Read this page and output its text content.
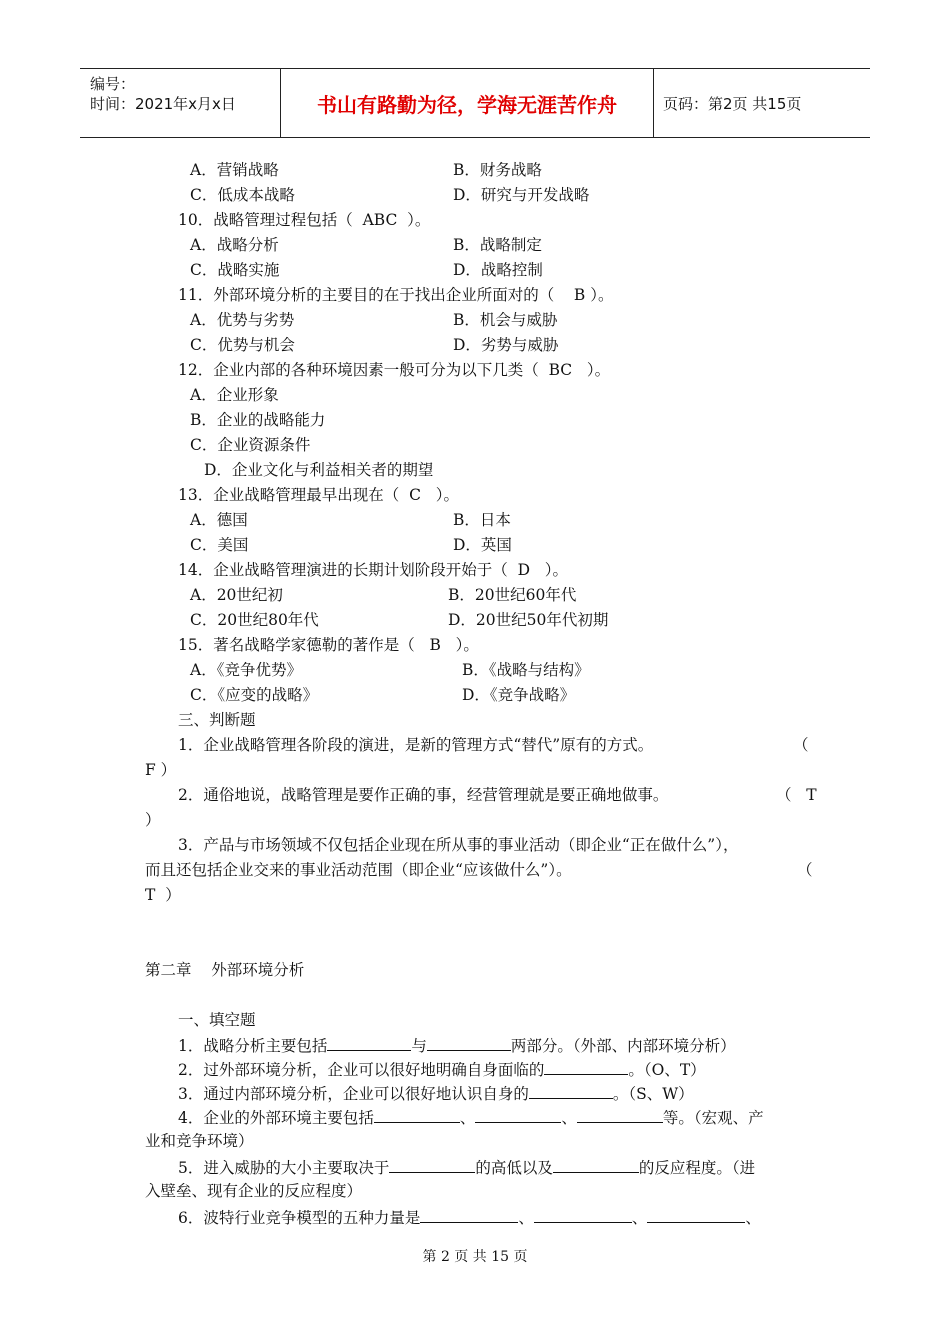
编号：
时间：2021年x月x日	书山有路勤为径，学海无涯苦作舟	页码：第2页 共15页
A．营销战略	B．财务战略
C．低成本战略	D．研究与开发战略
10．战略管理过程包括（  ABC  ）。
A．战略分析	B．战略制定
C．战略实施	D．战略控制
11．外部环境分析的主要目的在于找出企业所面对的（    B ）。
A．优势与劣势	B．机会与威胁
C．优势与机会	D．劣势与威胁
12．企业内部的各种环境因素一般可分为以下几类（  BC   ）。
A．企业形象
B．企业的战略能力
C．企业资源条件
D．企业文化与利益相关者的期望
13．企业战略管理最早出现在（  C   ）。
A．德国	B．日本
C．美国	D．英国
14．企业战略管理演进的长期计划阶段开始于（  D   ）。
A．20世纪初	B．20世纪60年代
C．20世纪80年代	D．20世纪50年代初期
15．著名战略学家德勒的著作是（   B   ）。
A．《竞争优势》	B．《战略与结构》
C．《应变的战略》	D．《竞争战略》
三、判断题
1．企业战略管理各阶段的演进，是新的管理方式“替代”原有的方式。	（
F ）
2．通俗地说，战略管理是要作正确的事，经营管理就是要正确地做事。	（   T
）
3．产品与市场领域不仅包括企业现在所从事的事业活动（即企业“正在做什么”），
而且还包括企业交来的事业活动范围（即企业“应该做什么”）。	（
T  ）
第二章    外部环境分析
一、填空题
1．战略分析主要包括	与	两部分。（外部、内部环境分析）
2．过外部环境分析，企业可以很好地明确自身面临的	。（O、T）
3．通过内部环境分析，企业可以很好地认识自身的	。（S、W）
4．企业的外部环境主要包括	、	、	等。（宏观、产
业和竞争环境）
5．进入威胁的大小主要取决于	的高低以及	的反应程度。（进
入壁垒、现有企业的反应程度）
6．波特行业竞争模型的五种力量是	、	、	、
第 2 页 共 15 页
